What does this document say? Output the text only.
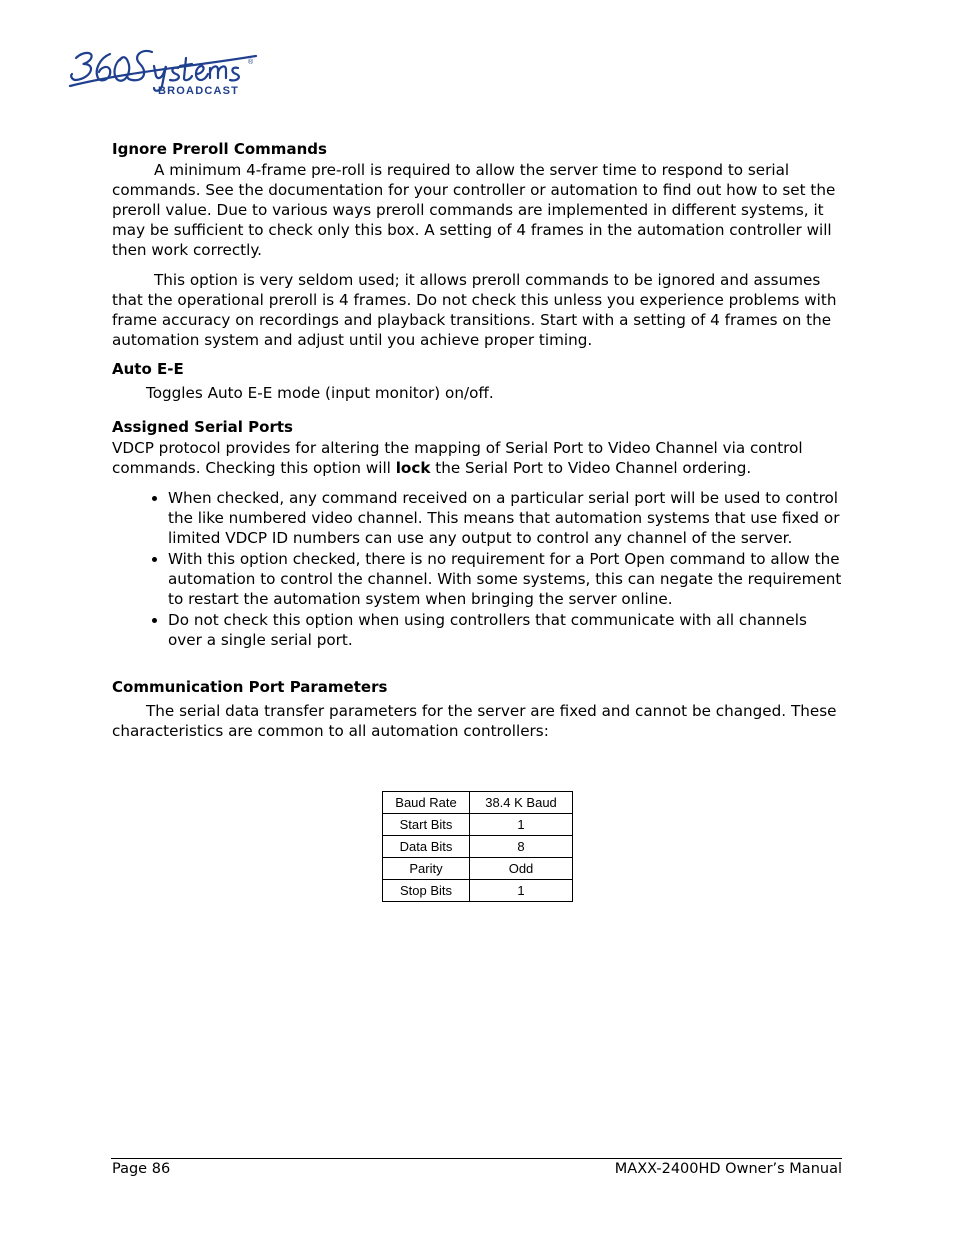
®
BROADCAST
Ignore Preroll Commands

A minimum 4-frame pre-roll is required to allow the server time to respond to serial commands. See the documentation for your controller or automation to find out how to set the preroll value. Due to various ways preroll commands are implemented in different systems, it may be sufficient to check only this box. A setting of 4 frames in the automation controller will then work correctly.

This option is very seldom used; it allows preroll commands to be ignored and assumes that the operational preroll is 4 frames. Do not check this unless you experience problems with frame accuracy on recordings and playback transitions. Start with a setting of 4 frames on the automation system and adjust until you achieve proper timing.

Auto E-E

Toggles Auto E-E mode (input monitor) on/off.

Assigned Serial Ports

VDCP protocol provides for altering the mapping of Serial Port to Video Channel via control commands. Checking this option will lock the Serial Port to Video Channel ordering.

• When checked, any command received on a particular serial port will be used to control the like numbered video channel. This means that automation systems that use fixed or limited VDCP ID numbers can use any output to control any channel of the server.
• With this option checked, there is no requirement for a Port Open command to allow the automation to control the channel. With some systems, this can negate the requirement to restart the automation system when bringing the server online.
• Do not check this option when using controllers that communicate with all channels over a single serial port.
Communication Port Parameters

The serial data transfer parameters for the server are fixed and cannot be changed. These characteristics are common to all automation controllers:

Baud Rate	38.4 K Baud
Start Bits	1
Data Bits	8
Parity	Odd
Stop Bits	1
Page 86	MAXX-2400HD Owner’s Manual
